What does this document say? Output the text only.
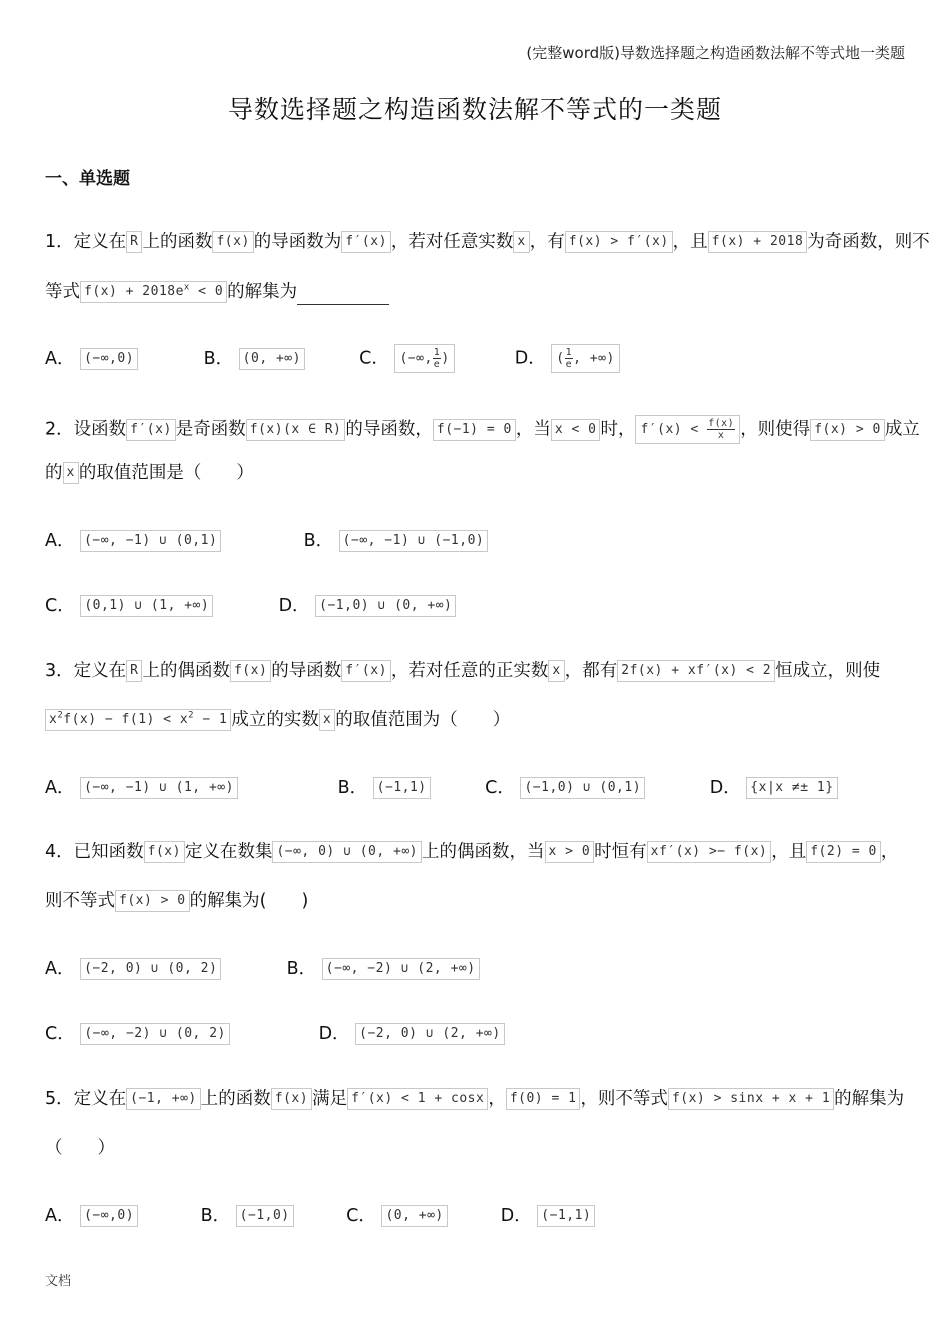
(完整word版)导数选择题之构造函数法解不等式地一类题
导数选择题之构造函数法解不等式的一类题
一、单选题
1．定义在 R 上的函数 f(x) 的导函数为 f′(x) ，若对任意实数 x ，有 f(x) > f′(x) ，且 f(x) + 2018 为奇函数，则不
等式 $f(x) + 2018e^x < 0$ 的解集为
A． (−∞,0)	B． (0, +∞)	C． (−∞, $\frac{1}{e}$ )	D． ( $\frac{1}{e}$ , +∞)
2．设函数 f′(x) 是奇函数 f(x)(x ∈ R) 的导函数， f(−1) = 0 ，当 x < 0 时， $f'(x) < \frac{f(x)}{x}$ ，则使得 f(x) > 0 成立
的 x 的取值范围是（　　）
A． (−∞, −1) ∪ (0,1)	B． (−∞, −1) ∪ (−1,0)
C． (0,1) ∪ (1, +∞)	D． (−1,0) ∪ (0, +∞)
3．定义在 R 上的偶函数 f(x) 的导函数 f′(x) ，若对任意的正实数 x ，都有 2f(x) + xf′(x) < 2 恒成立，则使
$x^2f(x) - f(1) < x^2 - 1$ 成立的实数 x 的取值范围为（　　）
A． (−∞, −1) ∪ (1, +∞)	B． (−1,1)	C． (−1,0) ∪ (0,1)	D． {x|x ≠± 1}
4．已知函数 f(x) 定义在数集 (−∞, 0) ∪ (0, +∞) 上的偶函数，当 x > 0 时恒有 xf′(x) >− f(x) ，且 f(2) = 0 ，
则不等式 f(x) > 0 的解集为(　　)
A． (−2, 0) ∪ (0, 2)	B． (−∞, −2) ∪ (2, +∞)
C． (−∞, −2) ∪ (0, 2)	D． (−2, 0) ∪ (2, +∞)
5．定义在 (−1, +∞) 上的函数 f(x) 满足 f′(x) < 1 + cosx ， f(0) = 1 ，则不等式 f(x) > sinx + x + 1 的解集为
（　　）
A． (−∞,0)	B． (−1,0)	C． (0, +∞)	D． (−1,1)
文档
